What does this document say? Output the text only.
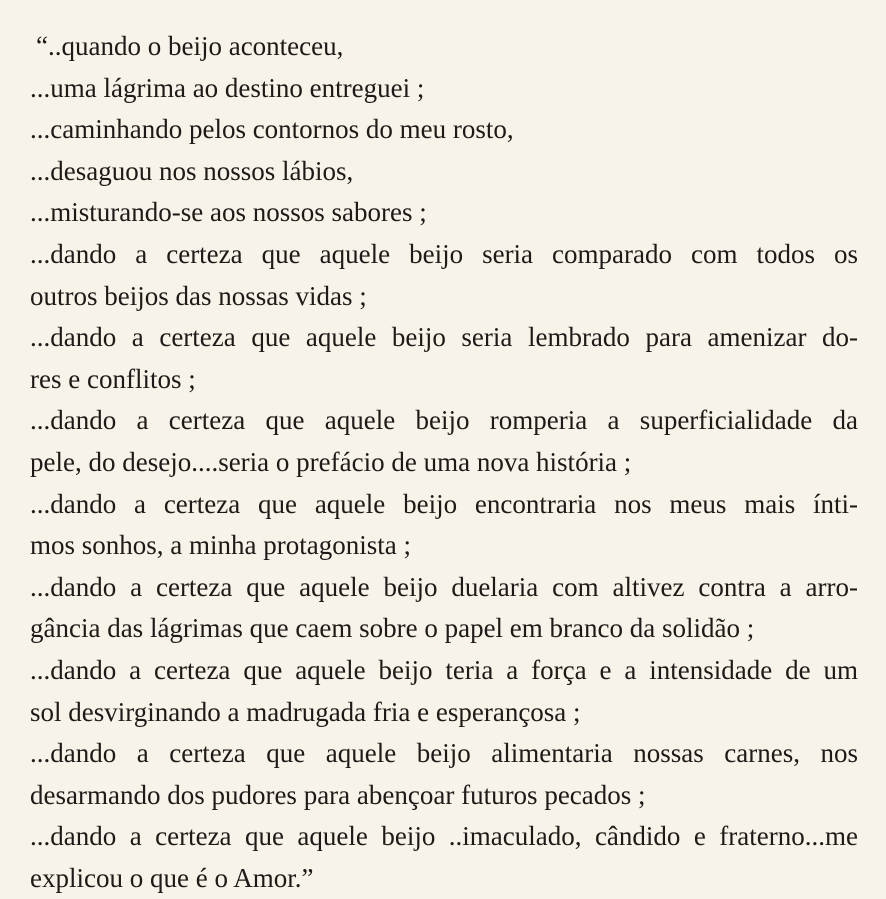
“..quando o beijo aconteceu,
...uma lágrima ao destino entreguei ;
...caminhando pelos contornos do meu rosto,
...desaguou nos nossos lábios,
...misturando-se aos nossos sabores ;
...dando a certeza que aquele beijo seria comparado com todos os
outros beijos das nossas vidas ;
...dando a certeza que aquele beijo seria lembrado para amenizar do-
res e conflitos ;
...dando a certeza que aquele beijo romperia a superficialidade da
pele, do desejo....seria o prefácio de uma nova história ;
...dando a certeza que aquele beijo encontraria nos meus mais ínti-
mos sonhos, a minha protagonista ;
...dando a certeza que aquele beijo duelaria com altivez contra a arro-
gância das lágrimas que caem sobre o papel em branco da solidão ;
...dando a certeza que aquele beijo teria a força e a intensidade de um
sol desvirginando a madrugada fria e esperançosa ;
...dando a certeza que aquele beijo alimentaria nossas carnes, nos
desarmando dos pudores para abençoar futuros pecados ;
...dando a certeza que aquele beijo ..imaculado, cândido e fraterno...me
explicou o que é o Amor.”
